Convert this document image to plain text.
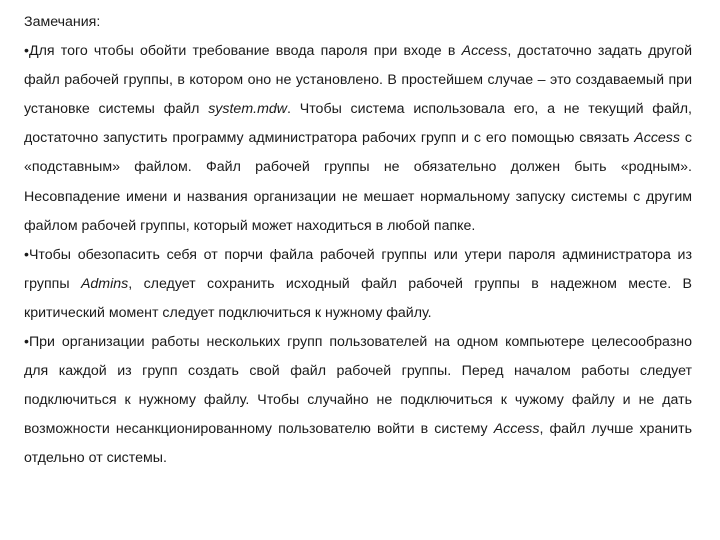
Замечания:

•Для того чтобы обойти требование ввода пароля при входе в Access, достаточно задать другой файл рабочей группы, в котором оно не установлено. В простейшем случае – это создаваемый при установке системы файл system.mdw. Чтобы система использовала его, а не текущий файл, достаточно запустить программу администратора рабочих групп и с его помощью связать Access с «подставным» файлом. Файл рабочей группы не обязательно должен быть «родным». Несовпадение имени и названия организации не мешает нормальному запуску системы с другим файлом рабочей группы, который может находиться в любой папке.

•Чтобы обезопасить себя от порчи файла рабочей группы или утери пароля администратора из группы Admins, следует сохранить исходный файл рабочей группы в надежном месте. В критический момент следует подключиться к нужному файлу.

•При организации работы нескольких групп пользователей на одном компьютере целесообразно для каждой из групп создать свой файл рабочей группы. Перед началом работы следует подключиться к нужному файлу. Чтобы случайно не подключиться к чужому файлу и не дать возможности несанкционированному пользователю войти в систему Access, файл лучше хранить отдельно от системы.
